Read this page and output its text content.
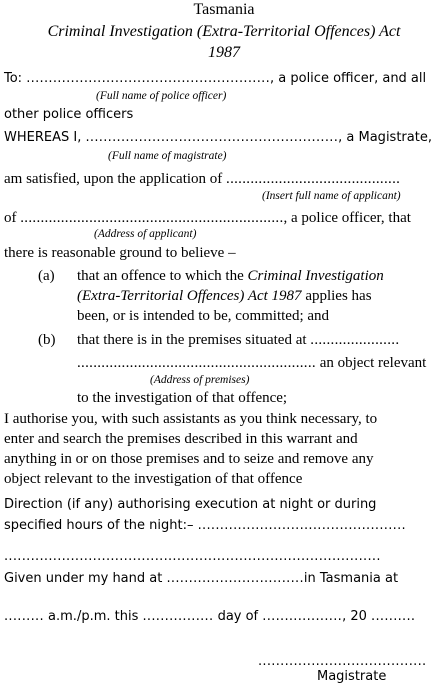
Tasmania
Criminal Investigation (Extra-Territorial Offences) Act
1987
To: ......................................................., a police officer, and all
(Full name of police officer)
other police officers
WHEREAS I, ........................................................., a Magistrate,
(Full name of magistrate)
am satisfied, upon the application of ...........................................
(Insert full name of applicant)
of ................................................................., a police officer, that
(Address of applicant)
there is reasonable ground to believe –
(a) that an offence to which the Criminal Investigation
(Extra-Territorial Offences) Act 1987 applies has
been, or is intended to be, committed; and
(b) that there is in the premises situated at ......................
........................................................... an object relevant
(Address of premises)
to the investigation of that offence;
I authorise you, with such assistants as you think necessary, to
enter and search the premises described in this warrant and
anything in or on those premises and to seize and remove any
object relevant to the investigation of that offence
Direction (if any) authorising execution at night or during
specified hours of the night:– ...............................................
.....................................................................................
Given under my hand at ...............................in Tasmania at
......... a.m./p.m. this ................ day of .................., 20 ..........
......................................
Magistrate
